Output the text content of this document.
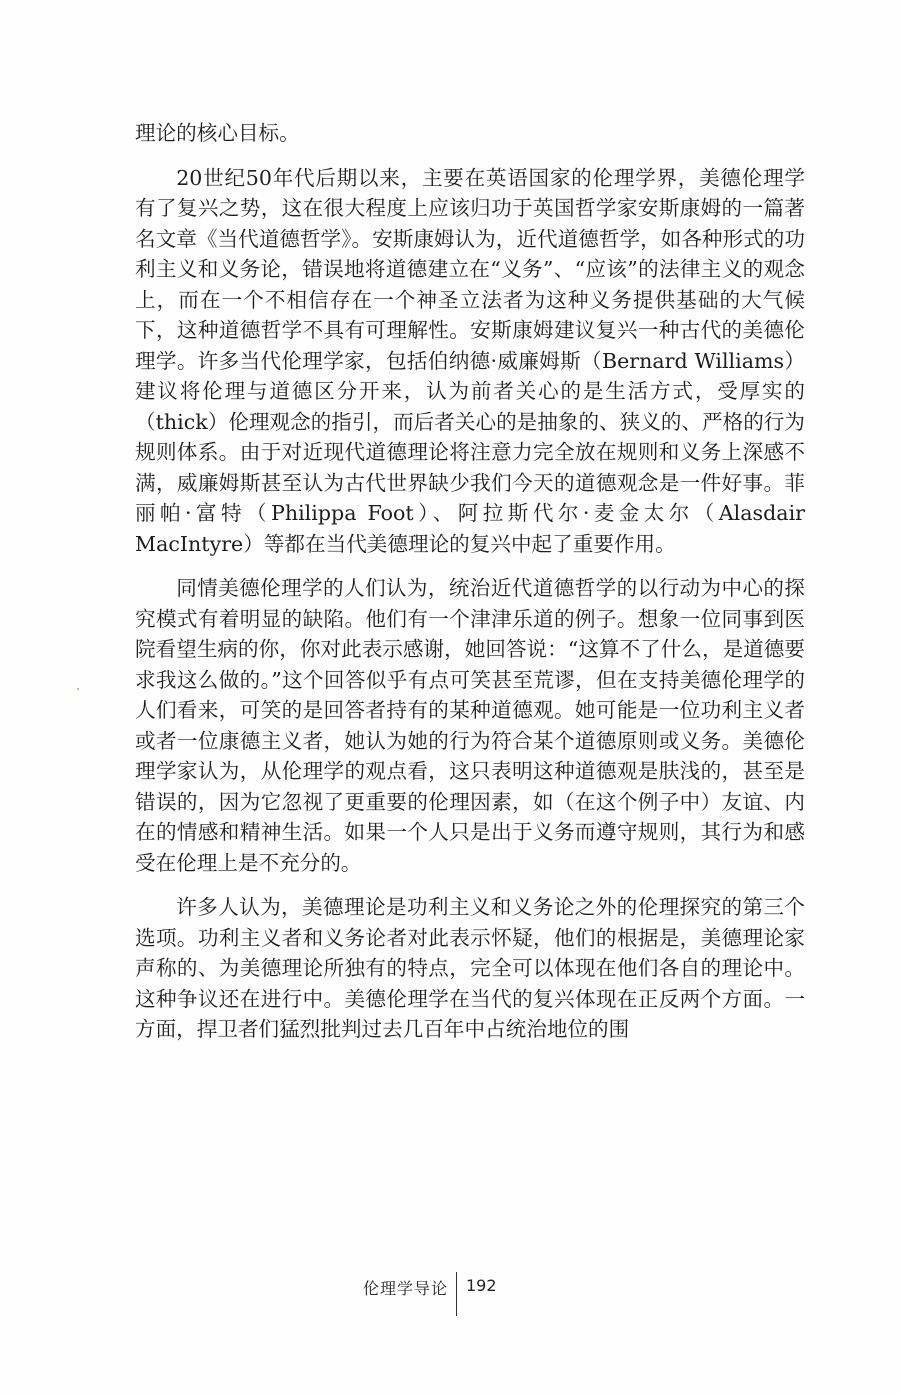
理论的核心目标。

20世纪50年代后期以来，主要在英语国家的伦理学界，美德伦理学有了复兴之势，这在很大程度上应该归功于英国哲学家安斯康姆的一篇著名文章《当代道德哲学》。安斯康姆认为，近代道德哲学，如各种形式的功利主义和义务论，错误地将道德建立在“义务”、“应该”的法律主义的观念上，而在一个不相信存在一个神圣立法者为这种义务提供基础的大气候下，这种道德哲学不具有可理解性。安斯康姆建议复兴一种古代的美德伦理学。许多当代伦理学家，包括伯纳德·威廉姆斯（Bernard Williams）建议将伦理与道德区分开来，认为前者关心的是生活方式，受厚实的（thick）伦理观念的指引，而后者关心的是抽象的、狭义的、严格的行为规则体系。由于对近现代道德理论将注意力完全放在规则和义务上深感不满，威廉姆斯甚至认为古代世界缺少我们今天的道德观念是一件好事。菲丽帕·富特（Philippa Foot）、阿拉斯代尔·麦金太尔（Alasdair MacIntyre）等都在当代美德理论的复兴中起了重要作用。

同情美德伦理学的人们认为，统治近代道德哲学的以行动为中心的探究模式有着明显的缺陷。他们有一个津津乐道的例子。想象一位同事到医院看望生病的你，你对此表示感谢，她回答说：“这算不了什么，是道德要求我这么做的。”这个回答似乎有点可笑甚至荒谬，但在支持美德伦理学的人们看来，可笑的是回答者持有的某种道德观。她可能是一位功利主义者或者一位康德主义者，她认为她的行为符合某个道德原则或义务。美德伦理学家认为，从伦理学的观点看，这只表明这种道德观是肤浅的，甚至是错误的，因为它忽视了更重要的伦理因素，如（在这个例子中）友谊、内在的情感和精神生活。如果一个人只是出于义务而遵守规则，其行为和感受在伦理上是不充分的。

许多人认为，美德理论是功利主义和义务论之外的伦理探究的第三个选项。功利主义者和义务论者对此表示怀疑，他们的根据是，美德理论家声称的、为美德理论所独有的特点，完全可以体现在他们各自的理论中。这种争议还在进行中。美德伦理学在当代的复兴体现在正反两个方面。一方面，捍卫者们猛烈批判过去几百年中占统治地位的围

伦理学导论 192
